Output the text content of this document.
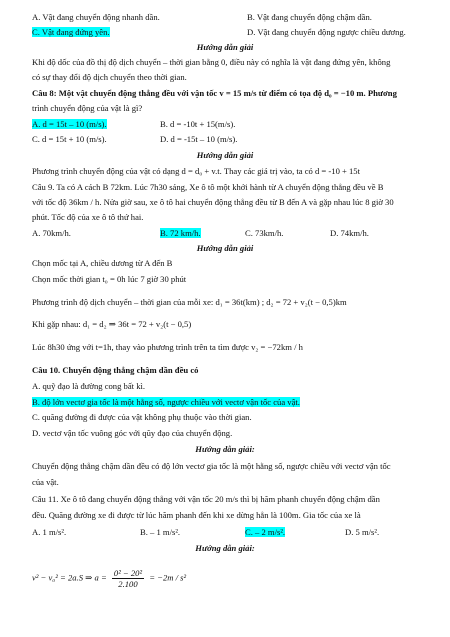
A. Vật đang chuyển động nhanh dần.	B. Vật đang chuyển động chậm dần.
C. Vật đang đứng yên.	D. Vật đang chuyển động ngược chiều dương.
Hướng dẫn giải
Khi độ dốc của đồ thị độ dịch chuyển – thời gian bằng 0, điều này có nghĩa là vật đang đứng yên, không
có sự thay đổi độ dịch chuyển theo thời gian.
Câu 8: Một vật chuyển động thẳng đều với vận tốc v = 15 m/s từ điểm có tọa độ d₀ = −10 m. Phương
trình chuyển động của vật là gì?
A. d = 15t – 10 (m/s).	B. d = -10t + 15(m/s).
C. d = 15t + 10 (m/s).	D. d = -15t – 10 (m/s).
Hướng dẫn giải
Phương trình chuyển động của vật có dạng d = d₀ + v.t. Thay các giá trị vào, ta có d = -10 + 15t
Câu 9. Ta có A cách B 72km. Lúc 7h30 sáng, Xe ô tô một khởi hành từ A chuyển động thẳng đều về B
với tốc độ 36km / h. Nửa giờ sau, xe ô tô hai chuyển động thẳng đều từ B đến A và gặp nhau lúc 8 giờ 30
phút. Tốc độ của xe ô tô thứ hai.
A. 70km/h.	B. 72 km/h.	C. 73km/h.	D. 74km/h.
Hướng dẫn giải
Chọn mốc tại A, chiều dương từ A đến B
Chọn mốc thời gian t₀ = 0h lúc 7 giờ 30 phút
Phương trình độ dịch chuyển – thời gian của mỗi xe: d₁ = 36t(km) ; d₂ = 72 + v₂(t − 0,5)km
Khi gặp nhau: d₁ = d₂ ⇒ 36t = 72 + v₂(t − 0,5)
Lúc 8h30 ứng với t=1h, thay vào phương trình trên ta tìm được v₂ = −72km / h
Câu 10. Chuyển động thẳng chậm dần đều có
A. quỹ đạo là đường cong bất kì.
B. độ lớn vectơ gia tốc là một hằng số, ngược chiều với vectơ vận tốc của vật.
C. quãng đường đi được của vật không phụ thuộc vào thời gian.
D. vectơ vận tốc vuông góc với qũy đạo của chuyển động.
Hướng dẫn giải:
Chuyển động thẳng chậm dần đều có độ lớn vectơ gia tốc là một hằng số, ngược chiều với vectơ vận tốc
của vật.
Câu 11. Xe ô tô đang chuyển động thẳng với vận tốc 20 m/s thì bị hãm phanh chuyển động chậm dần
đều. Quãng đường xe đi được từ lúc hãm phanh đến khi xe dừng hẳn là 100m. Gia tốc của xe là
A. 1 m/s².	B. – 1 m/s².	C. – 2 m/s².	D. 5 m/s².
Hướng dẫn giải:
v² − v₀² = 2a.S ⇒ $a = \frac{\text{0² − 20²}}{2.100} = -2m / s^2$
